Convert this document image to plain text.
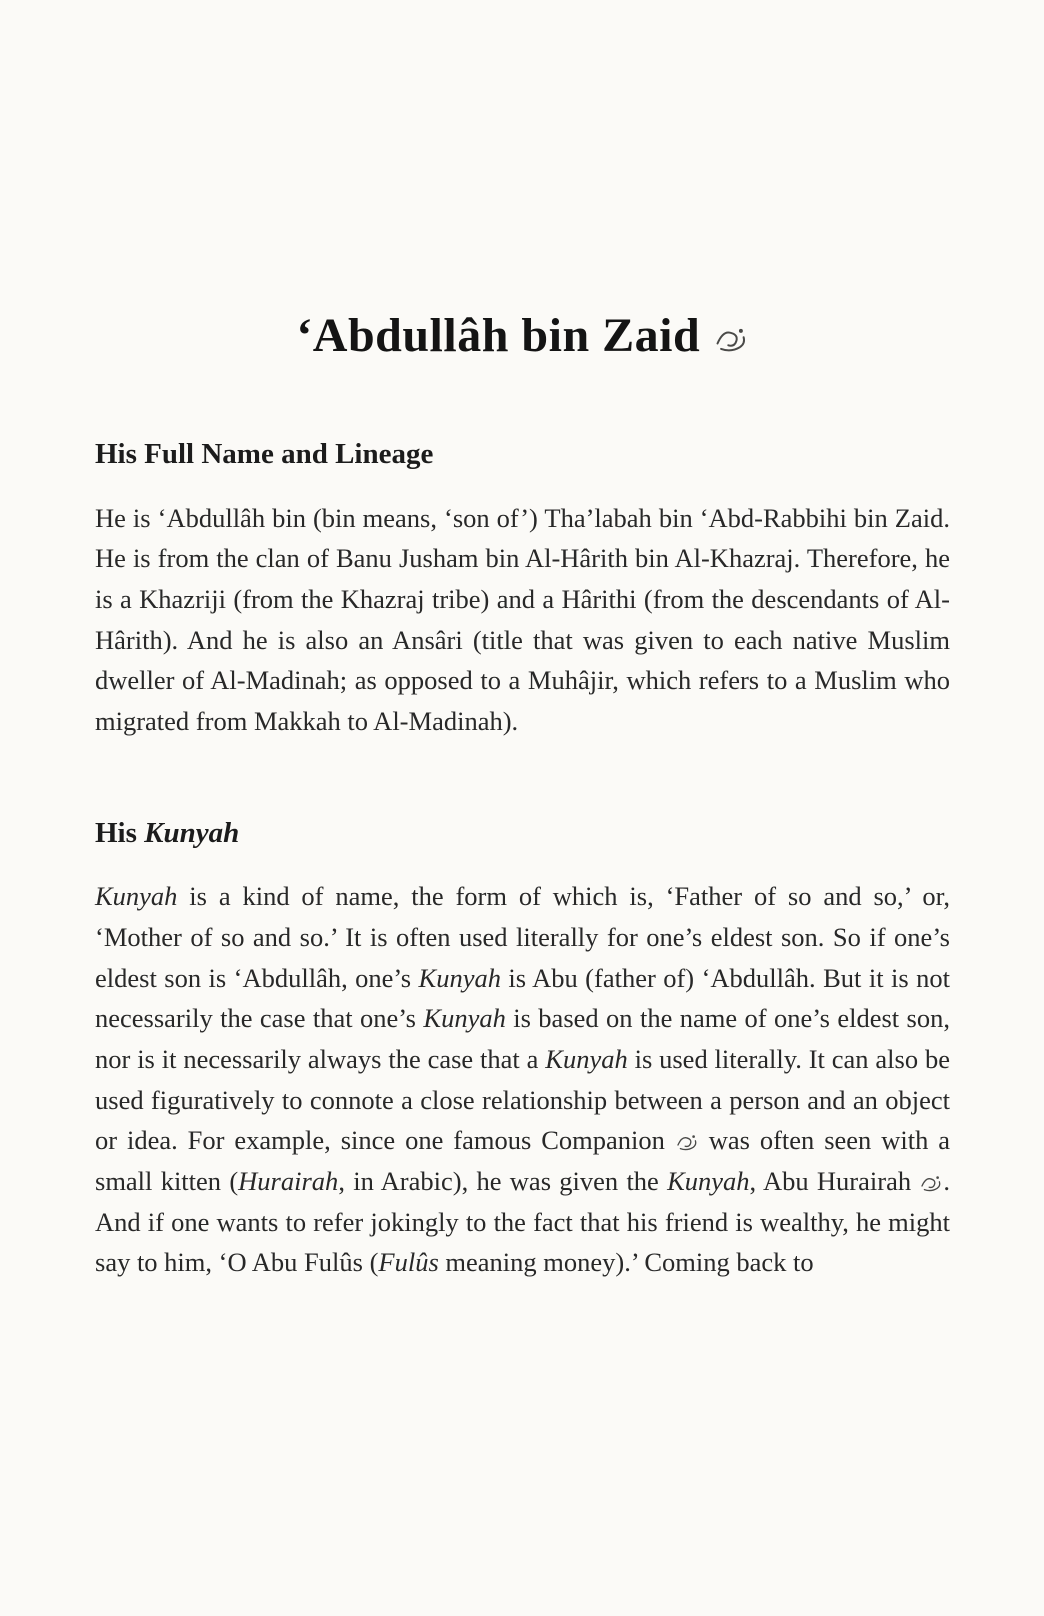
‘Abdullâh bin Zaid
His Full Name and Lineage

He is ‘Abdullâh bin (bin means, ‘son of’) Tha’labah bin ‘Abd-Rabbihi bin Zaid. He is from the clan of Banu Jusham bin Al-Hârith bin Al-Khazraj. Therefore, he is a Khazriji (from the Khazraj tribe) and a Hârithi (from the descendants of Al-Hârith). And he is also an Ansâri (title that was given to each native Muslim dweller of Al-Madinah; as opposed to a Muhâjir, which refers to a Muslim who migrated from Makkah to Al-Madinah).

His Kunyah

Kunyah is a kind of name, the form of which is, ‘Father of so and so,’ or, ‘Mother of so and so.’ It is often used literally for one’s eldest son. So if one’s eldest son is ‘Abdullâh, one’s Kunyah is Abu (father of) ‘Abdullâh. But it is not necessarily the case that one’s Kunyah is based on the name of one’s eldest son, nor is it necessarily always the case that a Kunyah is used literally. It can also be used figuratively to connote a close relationship between a person and an object or idea. For example, since one famous Companion  was often seen with a small kitten (Hurairah, in Arabic), he was given the Kunyah, Abu Hurairah . And if one wants to refer jokingly to the fact that his friend is wealthy, he might say to him, ‘O Abu Fulûs (Fulûs meaning money).’ Coming back to
